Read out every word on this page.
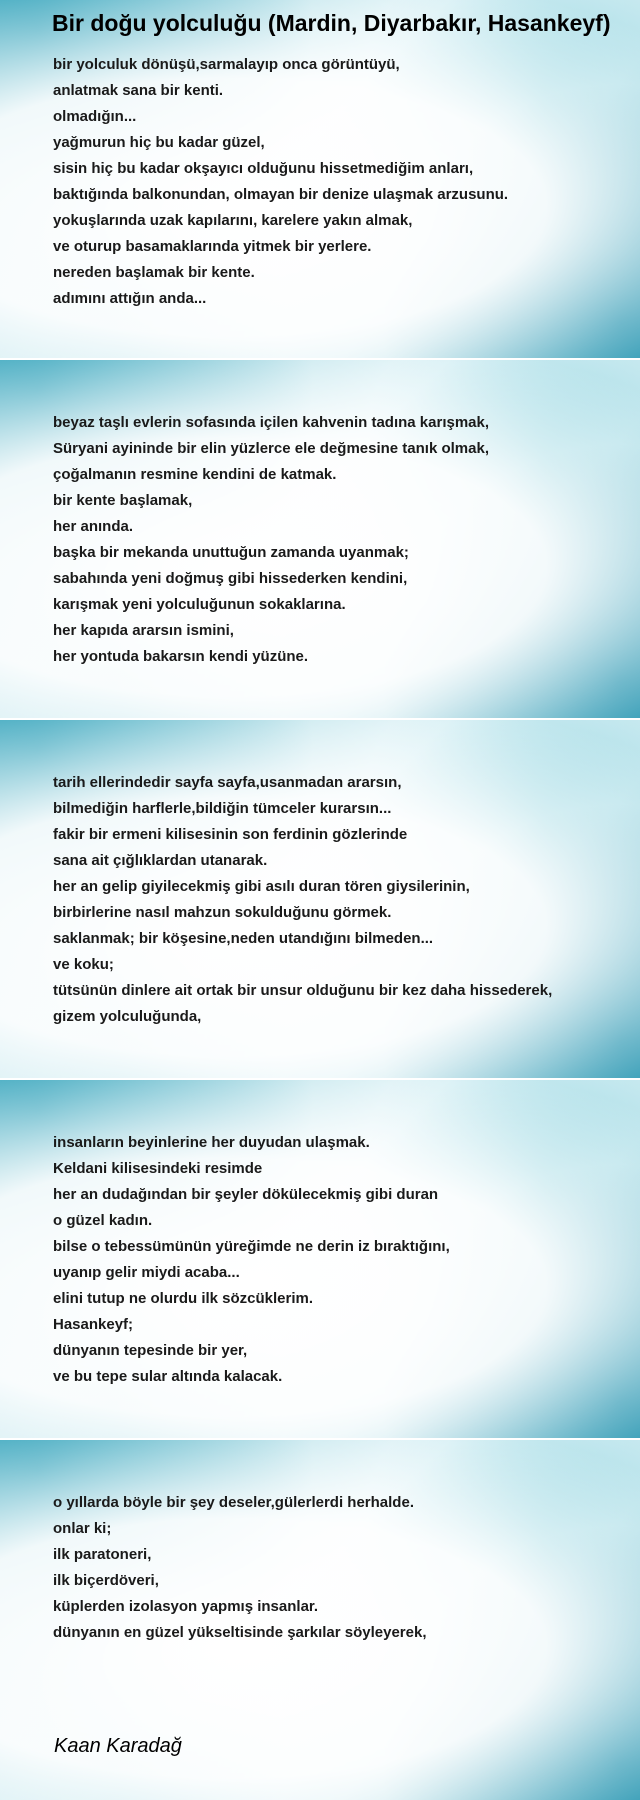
Bir doğu yolculuğu (Mardin, Diyarbakır, Hasankeyf)
bir yolculuk dönüşü,sarmalayıp onca görüntüyü,
anlatmak sana bir kenti.
olmadığın...
yağmurun hiç bu kadar güzel,
sisin hiç bu kadar okşayıcı olduğunu hissetmediğim anları,
baktığında balkonundan, olmayan bir denize ulaşmak arzusunu.
yokuşlarında uzak kapılarını, karelere yakın almak,
ve oturup basamaklarında yitmek bir yerlere.
nereden başlamak bir kente.
adımını attığın anda...
beyaz taşlı evlerin sofasında içilen kahvenin tadına karışmak,
Süryani ayininde bir elin yüzlerce ele değmesine tanık olmak,
çoğalmanın resmine kendini de katmak.
bir kente başlamak,
her anında.
başka bir mekanda unuttuğun zamanda uyanmak;
sabahında yeni doğmuş gibi hissederken kendini,
karışmak yeni yolculuğunun sokaklarına.
her kapıda ararsın ismini,
her yontuda bakarsın kendi yüzüne.
tarih ellerindedir sayfa sayfa,usanmadan ararsın,
bilmediğin harflerle,bildiğin tümceler kurarsın...
fakir bir ermeni kilisesinin son ferdinin gözlerinde
sana ait çığlıklardan utanarak.
her an gelip giyilecekmiş gibi asılı duran tören giysilerinin,
birbirlerine nasıl mahzun sokulduğunu görmek.
saklanmak; bir köşesine,neden utandığını bilmeden...
ve koku;
tütsünün dinlere ait ortak bir unsur olduğunu bir kez daha hissederek,
gizem yolculuğunda,
insanların beyinlerine her duyudan ulaşmak.
Keldani kilisesindeki resimde
her an dudağından bir şeyler dökülecekmiş gibi duran
o güzel kadın.
bilse o tebessümünün yüreğimde ne derin iz bıraktığını,
uyanıp gelir miydi acaba...
elini tutup ne olurdu ilk sözcüklerim.
Hasankeyf;
dünyanın tepesinde bir yer,
ve bu tepe sular altında kalacak.
o yıllarda böyle bir şey deseler,gülerlerdi herhalde.
onlar ki;
ilk paratoneri,
ilk biçerdöveri,
küplerden izolasyon yapmış insanlar.
dünyanın en güzel yükseltisinde şarkılar söyleyerek,

Kaan Karadağ
